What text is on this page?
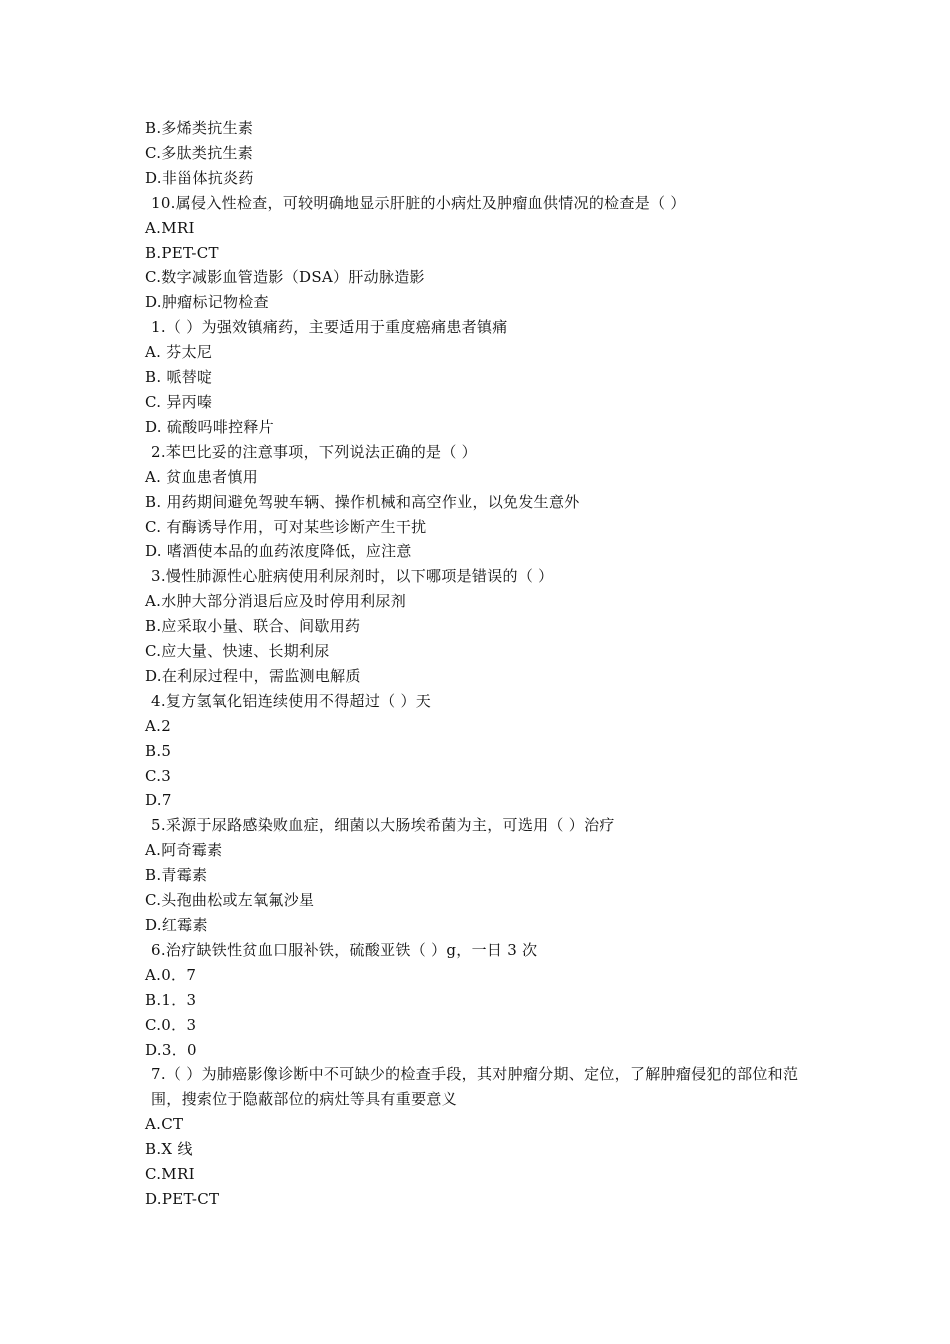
B.多烯类抗生素
C.多肽类抗生素
D.非甾体抗炎药
10.属侵入性检查，可较明确地显示肝脏的小病灶及肿瘤血供情况的检查是（ ）
A.MRI
B.PET-CT
C.数字减影血管造影（DSA）肝动脉造影
D.肿瘤标记物检查
1.（ ）为强效镇痛药，主要适用于重度癌痛患者镇痛
A. 芬太尼
B. 哌替啶
C. 异丙嗪
D. 硫酸吗啡控释片
2.苯巴比妥的注意事项，下列说法正确的是（ ）
A. 贫血患者慎用
B. 用药期间避免驾驶车辆、操作机械和高空作业，以免发生意外
C. 有酶诱导作用，可对某些诊断产生干扰
D. 嗜酒使本品的血药浓度降低，应注意
3.慢性肺源性心脏病使用利尿剂时，以下哪项是错误的（ ）
A.水肿大部分消退后应及时停用利尿剂
B.应采取小量、联合、间歇用药
C.应大量、快速、长期利尿
D.在利尿过程中，需监测电解质
4.复方氢氧化铝连续使用不得超过（ ）天
A.2
B.5
C.3
D.7
5.采源于尿路感染败血症，细菌以大肠埃希菌为主，可选用（ ）治疗
A.阿奇霉素
B.青霉素
C.头孢曲松或左氧氟沙星
D.红霉素
6.治疗缺铁性贫血口服补铁，硫酸亚铁（ ）g，一日 3 次
A.0．7
B.1．3
C.0．3
D.3．0
7.（ ）为肺癌影像诊断中不可缺少的检查手段，其对肿瘤分期、定位，了解肿瘤侵犯的部位和范围，搜索位于隐蔽部位的病灶等具有重要意义
A.CT
B.X 线
C.MRI
D.PET-CT
